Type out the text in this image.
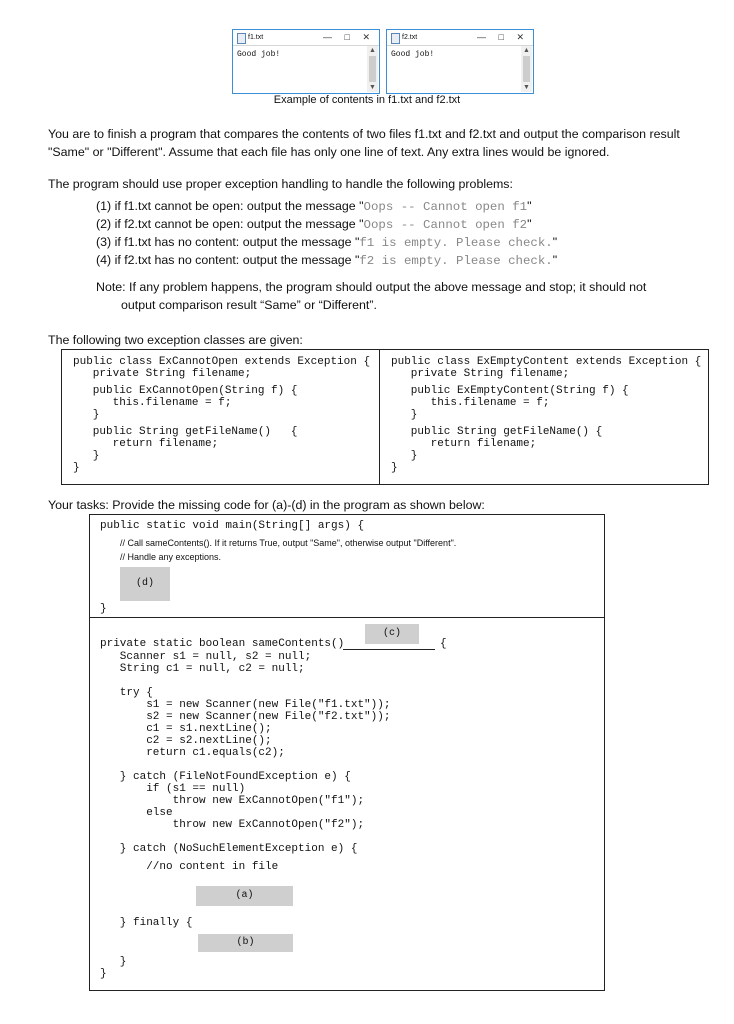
f1.txt	— □ ✕
Good job!	▲
▼
f2.txt	— □ ✕
Good job!	▲
▼
Example of contents in f1.txt and f2.txt
You are to finish a program that compares the contents of two files f1.txt and f2.txt and output the comparison result "Same" or "Different". Assume that each file has only one line of text. Any extra lines would be ignored.
The program should use proper exception handling to handle the following problems:
(1) if f1.txt cannot be open: output the message "Oops -- Cannot open f1"
(2) if f2.txt cannot be open: output the message "Oops -- Cannot open f2"
(3) if f1.txt has no content: output the message "f1 is empty. Please check."
(4) if f2.txt has no content: output the message "f2 is empty. Please check."
Note: If any problem happens, the program should output the above message and stop; it should not
output comparison result “Same” or “Different”.
The following two exception classes are given:
public class ExCannotOpen extends Exception {
private String filename;
public ExCannotOpen(String f) {
this.filename = f;
}
public String getFileName()   {
return filename;
}
}
public class ExEmptyContent extends Exception {
private String filename;
public ExEmptyContent(String f) {
this.filename = f;
}
public String getFileName() {
return filename;
}
}
Your tasks: Provide the missing code for (a)-(d) in the program as shown below:
public static void main(String[] args) {
// Call sameContents(). If it returns True, output "Same", otherwise output "Different".
// Handle any exceptions.
(d)
}
private static boolean sameContents()
(c)
{
Scanner s1 = null, s2 = null;
String c1 = null, c2 = null;
try {
s1 = new Scanner(new File("f1.txt"));
s2 = new Scanner(new File("f2.txt"));
c1 = s1.nextLine();
c2 = s2.nextLine();
return c1.equals(c2);
} catch (FileNotFoundException e) {
if (s1 == null)
throw new ExCannotOpen("f1");
else
throw new ExCannotOpen("f2");
} catch (NoSuchElementException e) {
//no content in file
(a)
} finally {
(b)
}
}
